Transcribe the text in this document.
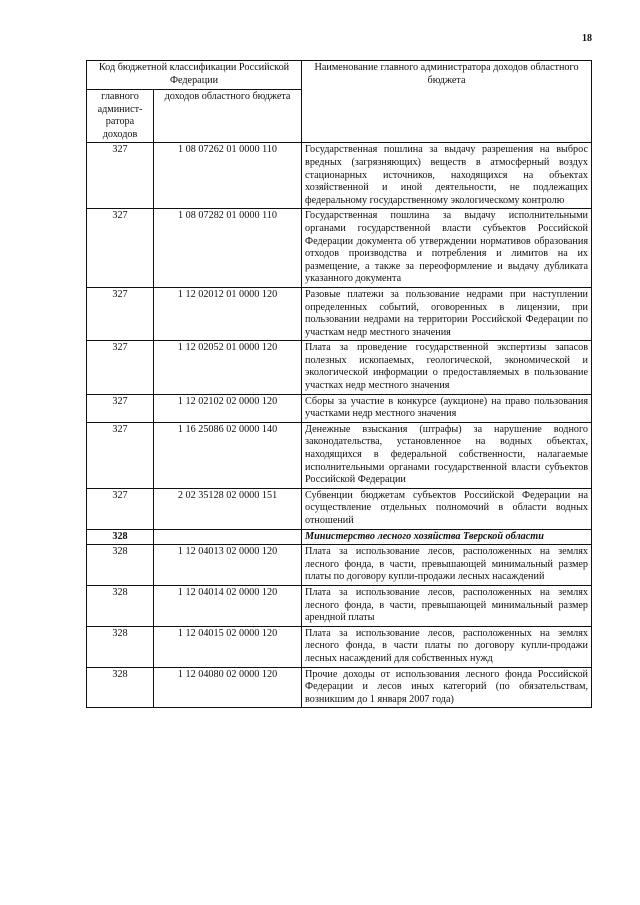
18
Код бюджетной классификации Российской Федерации		Наименование главного администратора доходов областного бюджета
главного админист-ратора доходов	доходов областного бюджета	
327	1 08 07262 01 0000 110	Государственная пошлина за выдачу разрешения на выброс вредных (загрязняющих) веществ в атмосферный воздух стационарных источников, находящихся на объектах хозяйственной и иной деятельности, не подлежащих федеральному государственному экологическому контролю
327	1 08 07282 01 0000 110	Государственная пошлина за выдачу исполнительными органами государственной власти субъектов Российской Федерации документа об утверждении нормативов образования отходов производства и потребления и лимитов на их размещение, а также за переоформление и выдачу дубликата указанного документа
327	1 12 02012 01 0000 120	Разовые платежи за пользование недрами при наступлении определенных событий, оговоренных в лицензии, при пользовании недрами на территории Российской Федерации по участкам недр местного значения
327	1 12 02052 01 0000 120	Плата за проведение государственной экспертизы запасов полезных ископаемых, геологической, экономической и экологической информации о предоставляемых в пользование участках недр местного значения
327	1 12 02102 02 0000 120	Сборы за участие в конкурсе (аукционе) на право пользования участками недр местного значения
327	1 16 25086 02 0000 140	Денежные взыскания (штрафы) за нарушение водного законодательства, установленное на водных объектах, находящихся в федеральной собственности, налагаемые исполнительными органами государственной власти субъектов Российской Федерации
327	2 02 35128 02 0000 151	Субвенции бюджетам субъектов Российской Федерации на осуществление отдельных полномочий в области водных отношений
328		Министерство лесного хозяйства Тверской области
328	1 12 04013 02 0000 120	Плата за использование лесов, расположенных на землях лесного фонда, в части, превышающей минимальный размер платы по договору купли-продажи лесных насаждений
328	1 12 04014 02 0000 120	Плата за использование лесов, расположенных на землях лесного фонда, в части, превышающей минимальный размер арендной платы
328	1 12 04015 02 0000 120	Плата за использование лесов, расположенных на землях лесного фонда, в части платы по договору купли-продажи лесных насаждений для собственных нужд
328	1 12 04080 02 0000 120	Прочие доходы от использования лесного фонда Российской Федерации и лесов иных категорий (по обязательствам, возникшим до 1 января 2007 года)
